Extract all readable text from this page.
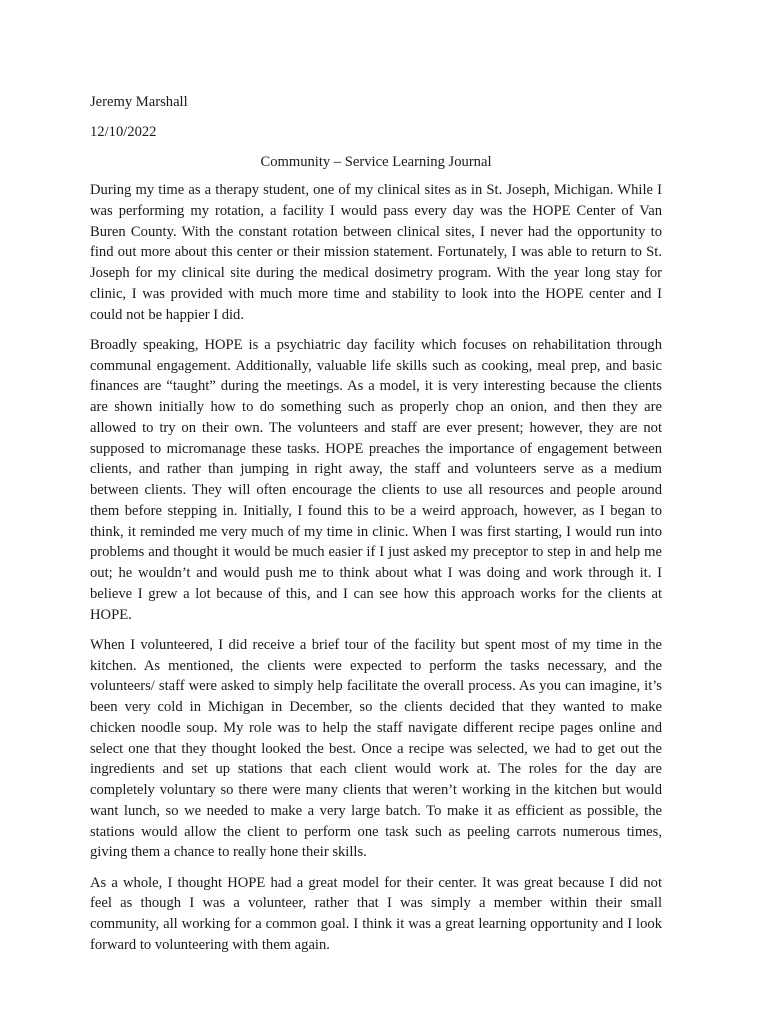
Jeremy Marshall

12/10/2022

Community – Service Learning Journal

During my time as a therapy student, one of my clinical sites as in St. Joseph, Michigan. While I
was performing my rotation, a facility I would pass every day was the HOPE Center of Van
Buren County. With the constant rotation between clinical sites, I never had the opportunity to
find out more about this center or their mission statement. Fortunately, I was able to return to St.
Joseph for my clinical site during the medical dosimetry program. With the year long stay for
clinic, I was provided with much more time and stability to look into the HOPE center and I
could not be happier I did.

Broadly speaking, HOPE is a psychiatric day facility which focuses on rehabilitation through
communal engagement. Additionally, valuable life skills such as cooking, meal prep, and basic
finances are “taught” during the meetings. As a model, it is very interesting because the clients
are shown initially how to do something such as properly chop an onion, and then they are
allowed to try on their own. The volunteers and staff are ever present; however, they are not
supposed to micromanage these tasks. HOPE preaches the importance of engagement between
clients, and rather than jumping in right away, the staff and volunteers serve as a medium
between clients. They will often encourage the clients to use all resources and people around
them before stepping in. Initially, I found this to be a weird approach, however, as I began to
think, it reminded me very much of my time in clinic. When I was first starting, I would run into
problems and thought it would be much easier if I just asked my preceptor to step in and help me
out; he wouldn’t and would push me to think about what I was doing and work through it. I
believe I grew a lot because of this, and I can see how this approach works for the clients at
HOPE.

When I volunteered, I did receive a brief tour of the facility but spent most of my time in the
kitchen. As mentioned, the clients were expected to perform the tasks necessary, and the
volunteers/ staff were asked to simply help facilitate the overall process. As you can imagine, it’s
been very cold in Michigan in December, so the clients decided that they wanted to make
chicken noodle soup. My role was to help the staff navigate different recipe pages online and
select one that they thought looked the best. Once a recipe was selected, we had to get out the
ingredients and set up stations that each client would work at. The roles for the day are
completely voluntary so there were many clients that weren’t working in the kitchen but would
want lunch, so we needed to make a very large batch. To make it as efficient as possible, the
stations would allow the client to perform one task such as peeling carrots numerous times,
giving them a chance to really hone their skills.

As a whole, I thought HOPE had a great model for their center. It was great because I did not
feel as though I was a volunteer, rather that I was simply a member within their small
community, all working for a common goal. I think it was a great learning opportunity and I look
forward to volunteering with them again.
